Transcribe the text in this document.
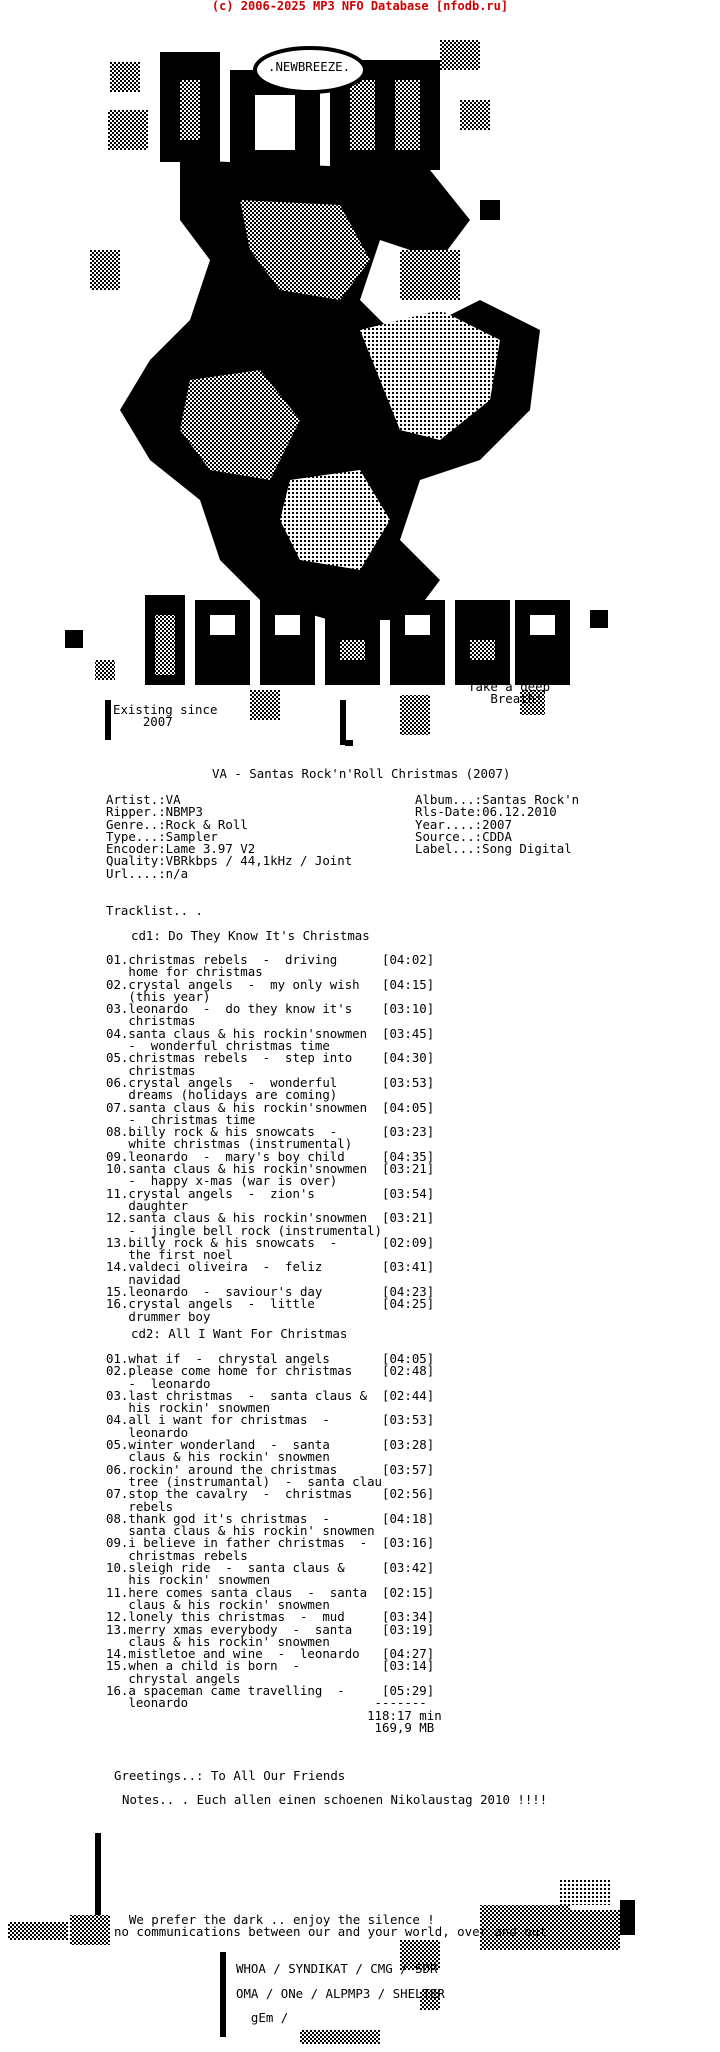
(c) 2006-2025 MP3 NFO Database [nfodb.ru]
.NEWBREEZE.
Existing since
2007
Take a deep
Breath!
VA - Santas Rock'n'Roll Christmas (2007)
Artist.:VA
Ripper.:NBMP3
Genre..:Rock & Roll
Type...:Sampler
Encoder:Lame 3.97 V2
Quality:VBRkbps / 44,1kHz / Joint
Url....:n/a
Album...:Santas Rock'n
Rls-Date:06.12.2010
Year....:2007
Source..:CDDA
Label...:Song Digital
Tracklist.. .
cd1: Do They Know It's Christmas
01.christmas rebels  -  driving      [04:02]
home for christmas
02.crystal angels  -  my only wish   [04:15]
(this year)
03.leonardo  -  do they know it's    [03:10]
christmas
04.santa claus & his rockin'snowmen  [03:45]
-  wonderful christmas time
05.christmas rebels  -  step into    [04:30]
christmas
06.crystal angels  -  wonderful      [03:53]
dreams (holidays are coming)
07.santa claus & his rockin'snowmen  [04:05]
-  christmas time
08.billy rock & his snowcats  -      [03:23]
white christmas (instrumental)
09.leonardo  -  mary's boy child     [04:35]
10.santa claus & his rockin'snowmen  [03:21]
-  happy x-mas (war is over)
11.crystal angels  -  zion's         [03:54]
daughter
12.santa claus & his rockin'snowmen  [03:21]
-  jingle bell rock (instrumental)
13.billy rock & his snowcats  -      [02:09]
the first noel
14.valdeci oliveira  -  feliz        [03:41]
navidad
15.leonardo  -  saviour's day        [04:23]
16.crystal angels  -  little         [04:25]
drummer boy
cd2: All I Want For Christmas
01.what if  -  chrystal angels       [04:05]
02.please come home for christmas    [02:48]
-  leonardo
03.last christmas  -  santa claus &  [02:44]
his rockin' snowmen
04.all i want for christmas  -       [03:53]
leonardo
05.winter wonderland  -  santa       [03:28]
claus & his rockin' snowmen
06.rockin' around the christmas      [03:57]
tree (instrumantal)  -  santa clau
07.stop the cavalry  -  christmas    [02:56]
rebels
08.thank god it's christmas  -       [04:18]
santa claus & his rockin' snowmen
09.i believe in father christmas  -  [03:16]
christmas rebels
10.sleigh ride  -  santa claus &     [03:42]
his rockin' snowmen
11.here comes santa claus  -  santa  [02:15]
claus & his rockin' snowmen
12.lonely this christmas  -  mud     [03:34]
13.merry xmas everybody  -  santa    [03:19]
claus & his rockin' snowmen
14.mistletoe and wine  -  leonardo   [04:27]
15.when a child is born  -           [03:14]
chrystal angels
16.a spaceman came travelling  -     [05:29]
leonardo                         -------
118:17 min
169,9 MB
Greetings..: To All Our Friends
Notes.. . Euch allen einen schoenen Nikolaustag 2010 !!!!
We prefer the dark .. enjoy the silence !
no communications between our and your world, over and out
WHOA / SYNDIKAT / CMG / SDR

OMA / ONe / ALPMP3 / SHELTER

gEm /
